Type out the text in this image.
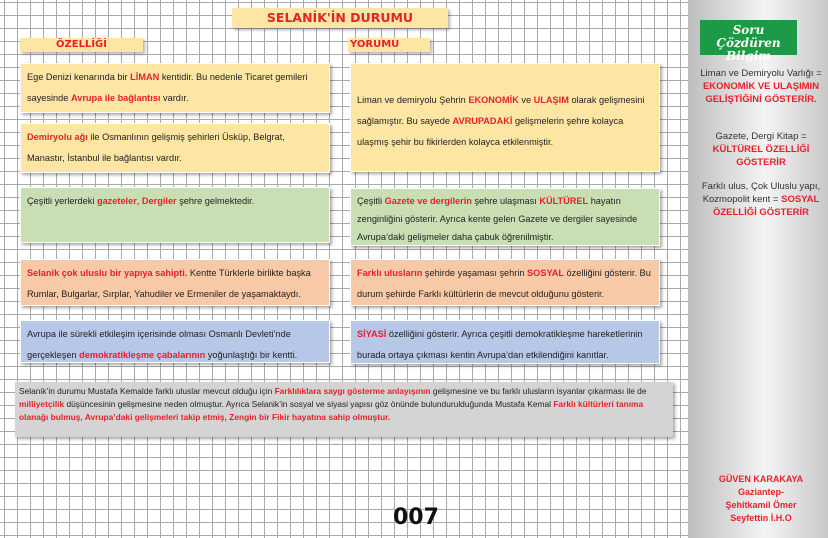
SELANİK'İN DURUMU
ÖZELLİĞİ	YORUMU
Ege Denizi kenarında bir LİMAN kentidir. Bu nedenle Ticaret gemileri sayesinde Avrupa ile bağlantısı vardır.
Demiryolu ağı ile Osmanlının gelişmiş şehirleri Üsküp, Belgrat, Manastır, İstanbul ile bağlantısı vardır.
Çeşitli yerlerdeki gazeteler, Dergiler şehre gelmektedir.
Selanik çok uluslu bir yapıya sahipti. Kentte Türklerle birlikte başka Rumlar, Bulgarlar, Sırplar, Yahudiler ve Ermeniler de yaşamaktaydı.
Avrupa ile sürekli etkileşim içerisinde olması Osmanlı Devleti’nde gerçekleşen demokratikleşme çabalarının yoğunlaştığı bir kentti.
Liman ve demiryolu Şehrin EKONOMİK ve ULAŞIM olarak gelişmesini sağlamıştır. Bu sayede AVRUPADAKİ gelişmelerin şehre kolayca ulaşmış şehir bu fikirlerden kolayca etkilenmiştir.
Çeşitli Gazete ve dergilerin şehre ulaşması KÜLTÜREL hayatın zenginliğini gösterir. Ayrıca kente gelen Gazete ve dergiler sayesinde Avrupa’daki gelişmeler daha çabuk öğrenilmiştir.
Farklı ulusların şehirde yaşaması şehrin SOSYAL özelliğini gösterir. Bu durum şehirde Farklı kültürlerin de mevcut olduğunu gösterir.
SİYASİ özelliğini gösterir. Ayrıca çeşitli demokratikleşme hareketlerinin burada ortaya çıkması kentin Avrupa’dan etkilendiğini kanıtlar.
Selanik’in durumu Mustafa Kemalde farklı uluslar mevcut olduğu için Farklılıklara saygı gösterme anlayışının gelişmesine ve bu farklı ulusların isyanlar çıkarması ile de milliyetçilik düşüncesinin gelişmesine neden olmuştur. Ayrıca Selanik’in sosyal ve siyasi yapısı göz önünde bulundurulduğunda Mustafa Kemal Farklı kültürleri tanıma olanağı bulmuş, Avrupa’daki gelişmeleri takip etmiş, Zengin bir Fikir hayatına sahip olmuştur.
Soru Çözdüren Bilgim
Liman ve Demiryolu Varlığı = EKONOMİK VE ULAŞIMIN GELİŞTİĞİNİ GÖSTERİR.
Gazete, Dergi Kitap = KÜLTÜREL ÖZELLİĞİ GÖSTERİR
Farklı ulus, Çok Uluslu yapı, Kozmopolit kent = SOSYAL ÖZELLİĞİ GÖSTERİR
GÜVEN KARAKAYA
Gaziantep-Şehitkamil Ömer Seyfettin İ.H.O
007
